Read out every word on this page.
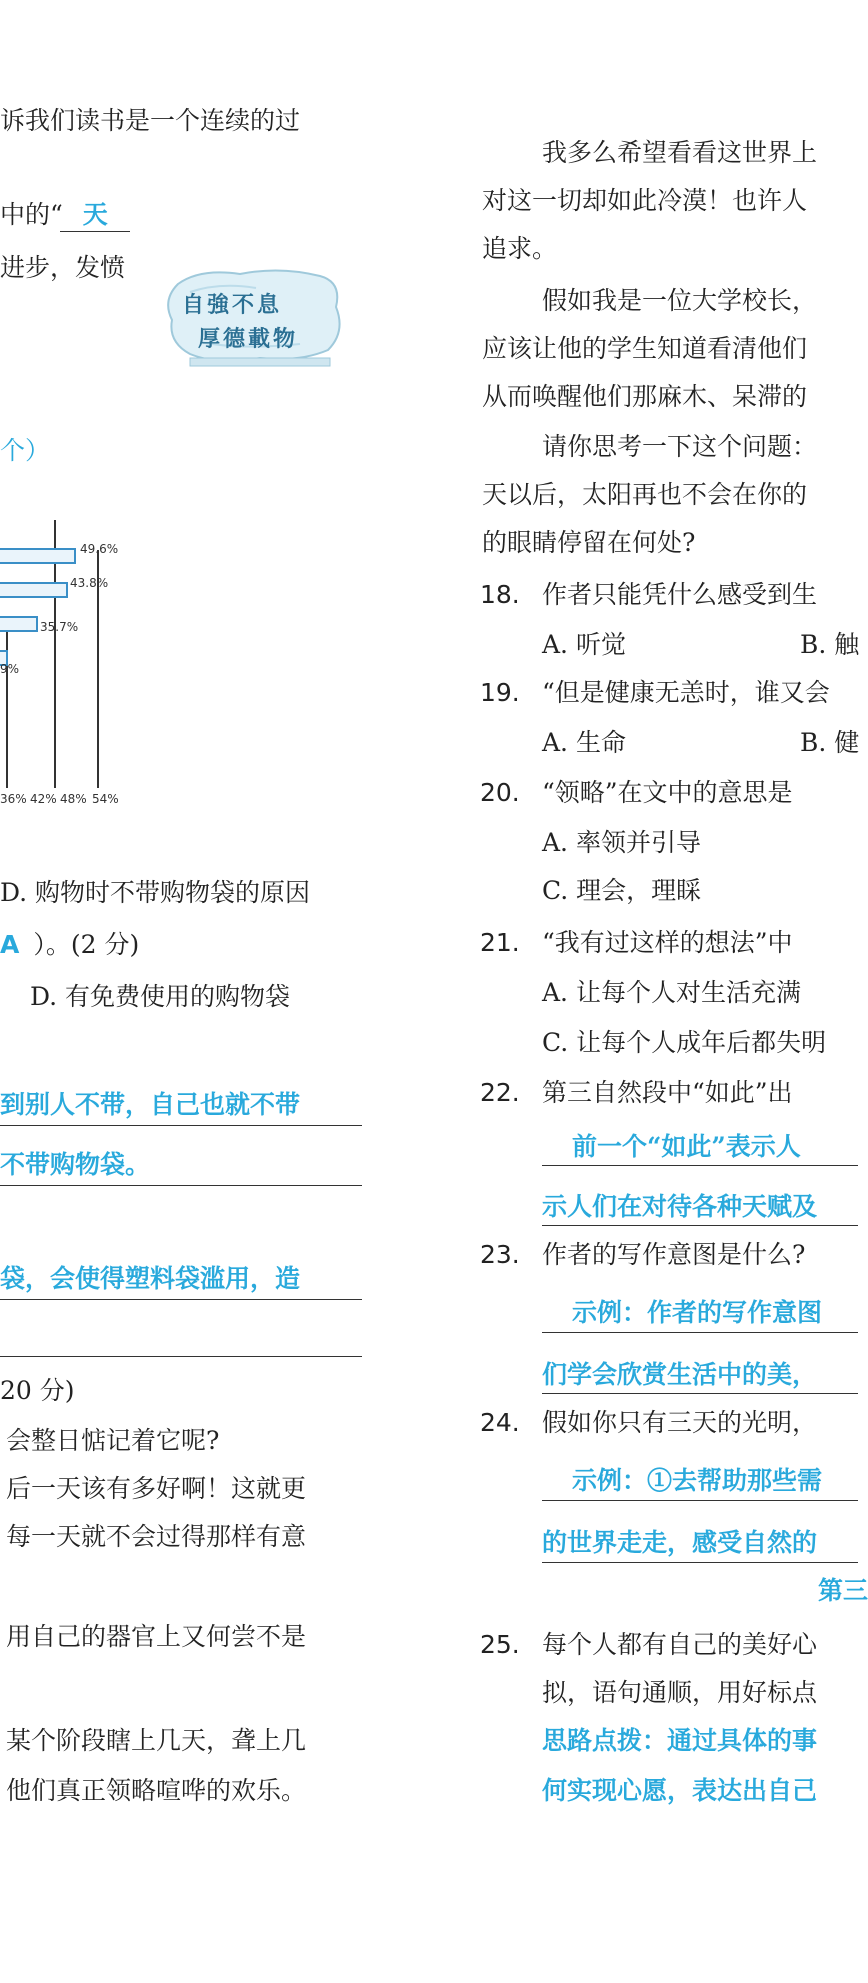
诉我们读书是一个连续的过
中的“ 天
进步，发愤
自強不息
厚德載物
个）
49.6%
43.8%
35.7%
9%
36% 42% 48% 54%
D. 购物时不带购物袋的原因
A ）。(2 分)
D. 有免费使用的购物袋
到别人不带，自己也就不带
不带购物袋。
袋，会使得塑料袋滥用，造
20 分)
会整日惦记着它呢?
后一天该有多好啊！这就更
每一天就不会过得那样有意
用自己的器官上又何尝不是
某个阶段瞎上几天，聋上几
他们真正领略喧哗的欢乐。
我多么希望看看这世界上
对这一切却如此冷漠！也许人
追求。
假如我是一位大学校长，
应该让他的学生知道看清他们
从而唤醒他们那麻木、呆滞的
请你思考一下这个问题：
天以后，太阳再也不会在你的
的眼睛停留在何处?
18. 作者只能凭什么感受到生
A. 听觉	B. 触
19. “但是健康无恙时，谁又会
A. 生命	B. 健
20. “领略”在文中的意思是
A. 率领并引导
C. 理会，理睬
21. “我有过这样的想法”中
A. 让每个人对生活充满
C. 让每个人成年后都失明
22. 第三自然段中“如此”出
前一个“如此”表示人
示人们在对待各种天赋及
23. 作者的写作意图是什么?
示例：作者的写作意图
们学会欣赏生活中的美，
24. 假如你只有三天的光明，
示例：①去帮助那些需
的世界走走，感受自然的
第三
25. 每个人都有自己的美好心
拟，语句通顺，用好标点
思路点拨：通过具体的事
何实现心愿，表达出自己
